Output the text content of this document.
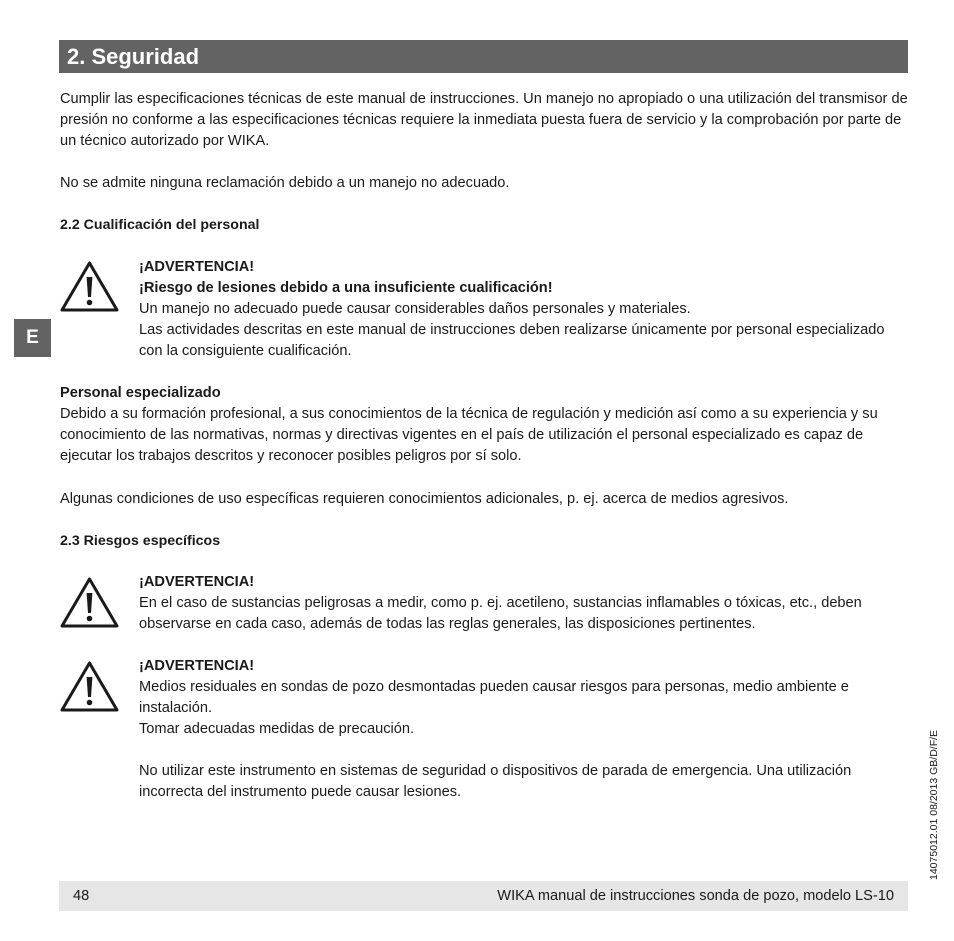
2. Seguridad
E
14075012.01 08/2013 GB/D/F/E

Cumplir las especificaciones técnicas de este manual de instrucciones. Un manejo no apropiado o una utilización del transmisor de presión no conforme a las especificaciones técnicas requiere la inmediata puesta fuera de servicio y la comprobación por parte de un técnico autorizado por WIKA.

No se admite ninguna reclamación debido a un manejo no adecuado.

2.2 Cualificación del personal

¡ADVERTENCIA!
¡Riesgo de lesiones debido a una insuficiente cualificación!
Un manejo no adecuado puede causar considerables daños personales y materiales.
Las actividades descritas en este manual de instrucciones deben realizarse únicamente por personal especializado con la consiguiente cualificación.

Personal especializado

Debido a su formación profesional, a sus conocimientos de la técnica de regulación y medición así como a su experiencia y su conocimiento de las normativas, normas y directivas vigentes en el país de utilización el personal especializado es capaz de ejecutar los trabajos descritos y reconocer posibles peligros por sí solo.

Algunas condiciones de uso específicas requieren conocimientos adicionales, p. ej. acerca de medios agresivos.

2.3 Riesgos específicos

¡ADVERTENCIA!
En el caso de sustancias peligrosas a medir, como p. ej. acetileno, sustancias inflamables o tóxicas, etc., deben observarse en cada caso, además de todas las reglas generales, las disposiciones pertinentes.
¡ADVERTENCIA!
Medios residuales en sondas de pozo desmontadas pueden causar riesgos para personas, medio ambiente e instalación.
Tomar adecuadas medidas de precaución.
No utilizar este instrumento en sistemas de seguridad o dispositivos de parada de emergencia. Una utilización incorrecta del instrumento puede causar lesiones.
48	WIKA manual de instrucciones sonda de pozo, modelo LS-10
